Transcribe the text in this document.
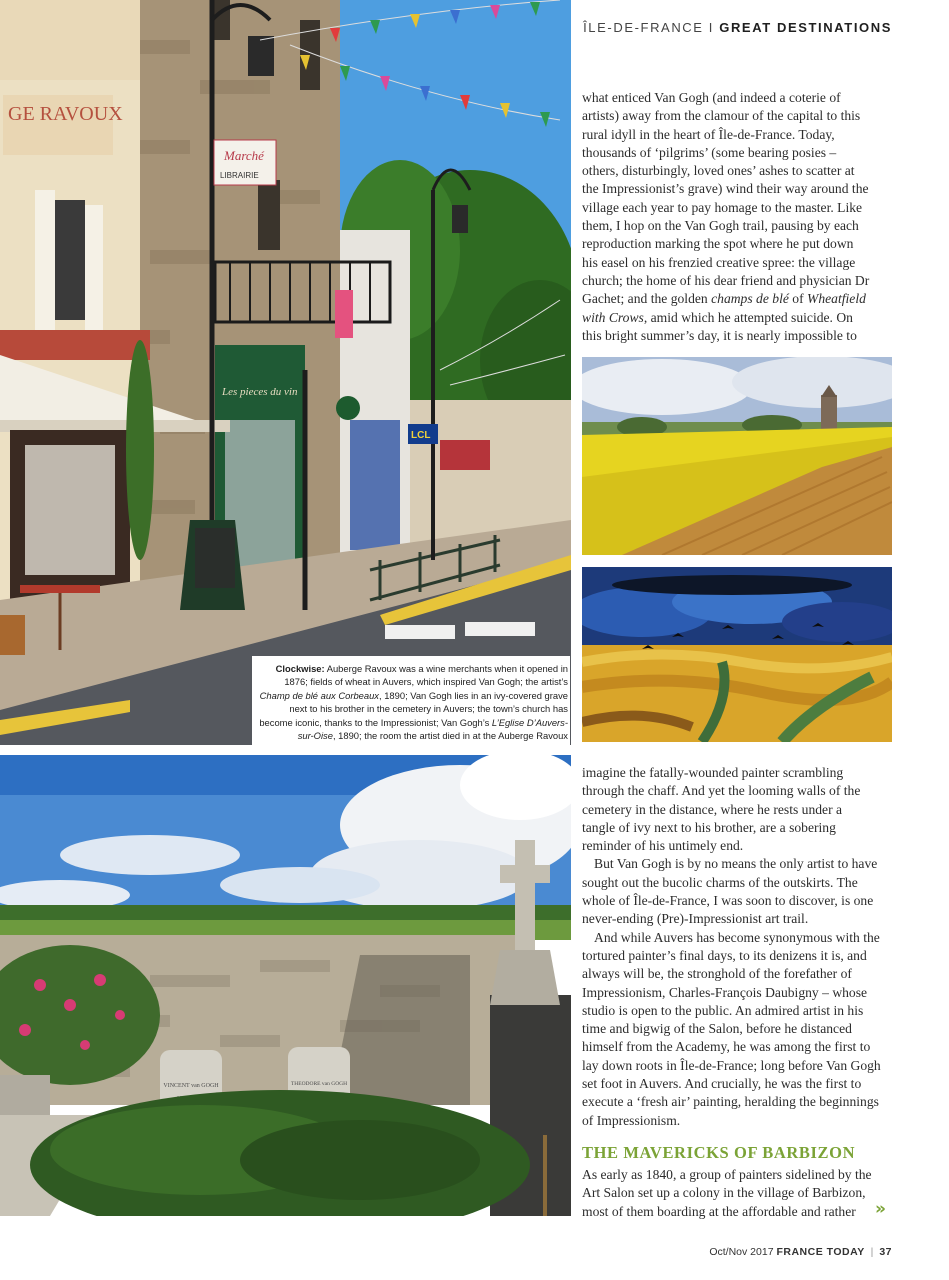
ÎLE-DE-FRANCE I GREAT DESTINATIONS
GE RAVOUX
Marché
LIBRAIRIE
LCL
Les pieces du vin
Clockwise: Auberge Ravoux was a wine merchants when it opened in 1876; fields of wheat in Auvers, which inspired Van Gogh; the artist’s Champ de blé aux Corbeaux, 1890; Van Gogh lies in an ivy-covered grave next to his brother in the cemetery in Auvers; the town’s church has become iconic, thanks to the Impressionist; Van Gogh’s L’Eglise D’Auvers-sur-Oise, 1890; the room the artist died in at the Auberge Ravoux
VINCENT van GOGH	THEODORE van GOGH
what enticed Van Gogh (and indeed a coterie of
artists) away from the clamour of the capital to this
rural idyll in the heart of Île-de-France. Today,
thousands of ‘pilgrims’ (some bearing posies –
others, disturbingly, loved ones’ ashes to scatter at
the Impressionist’s grave) wind their way around the
village each year to pay homage to the master. Like
them, I hop on the Van Gogh trail, pausing by each
reproduction marking the spot where he put down
his easel on his frenzied creative spree: the village
church; the home of his dear friend and physician Dr
Gachet; and the golden champs de blé of Wheatfield
with Crows, amid which he attempted suicide. On
this bright summer’s day, it is nearly impossible to
imagine the fatally-wounded painter scrambling
through the chaff. And yet the looming walls of the
cemetery in the distance, where he rests under a
tangle of ivy next to his brother, are a sobering
reminder of his untimely end.
But Van Gogh is by no means the only artist to have
sought out the bucolic charms of the outskirts. The
whole of Île-de-France, I was soon to discover, is one
never-ending (Pre)-Impressionist art trail.
And while Auvers has become synonymous with the
tortured painter’s final days, to its denizens it is, and
always will be, the stronghold of the forefather of
Impressionism, Charles-François Daubigny – whose
studio is open to the public. An admired artist in his
time and bigwig of the Salon, before he distanced
himself from the Academy, he was among the first to
lay down roots in Île-de-France; long before Van Gogh
set foot in Auvers. And crucially, he was the first to
execute a ‘fresh air’ painting, heralding the beginnings
of Impressionism.
THE MAVERICKS OF BARBIZON
As early as 1840, a group of painters sidelined by the
Art Salon set up a colony in the village of Barbizon,
most of them boarding at the affordable and rather	»
Oct/Nov 2017 FRANCE TODAY | 37
